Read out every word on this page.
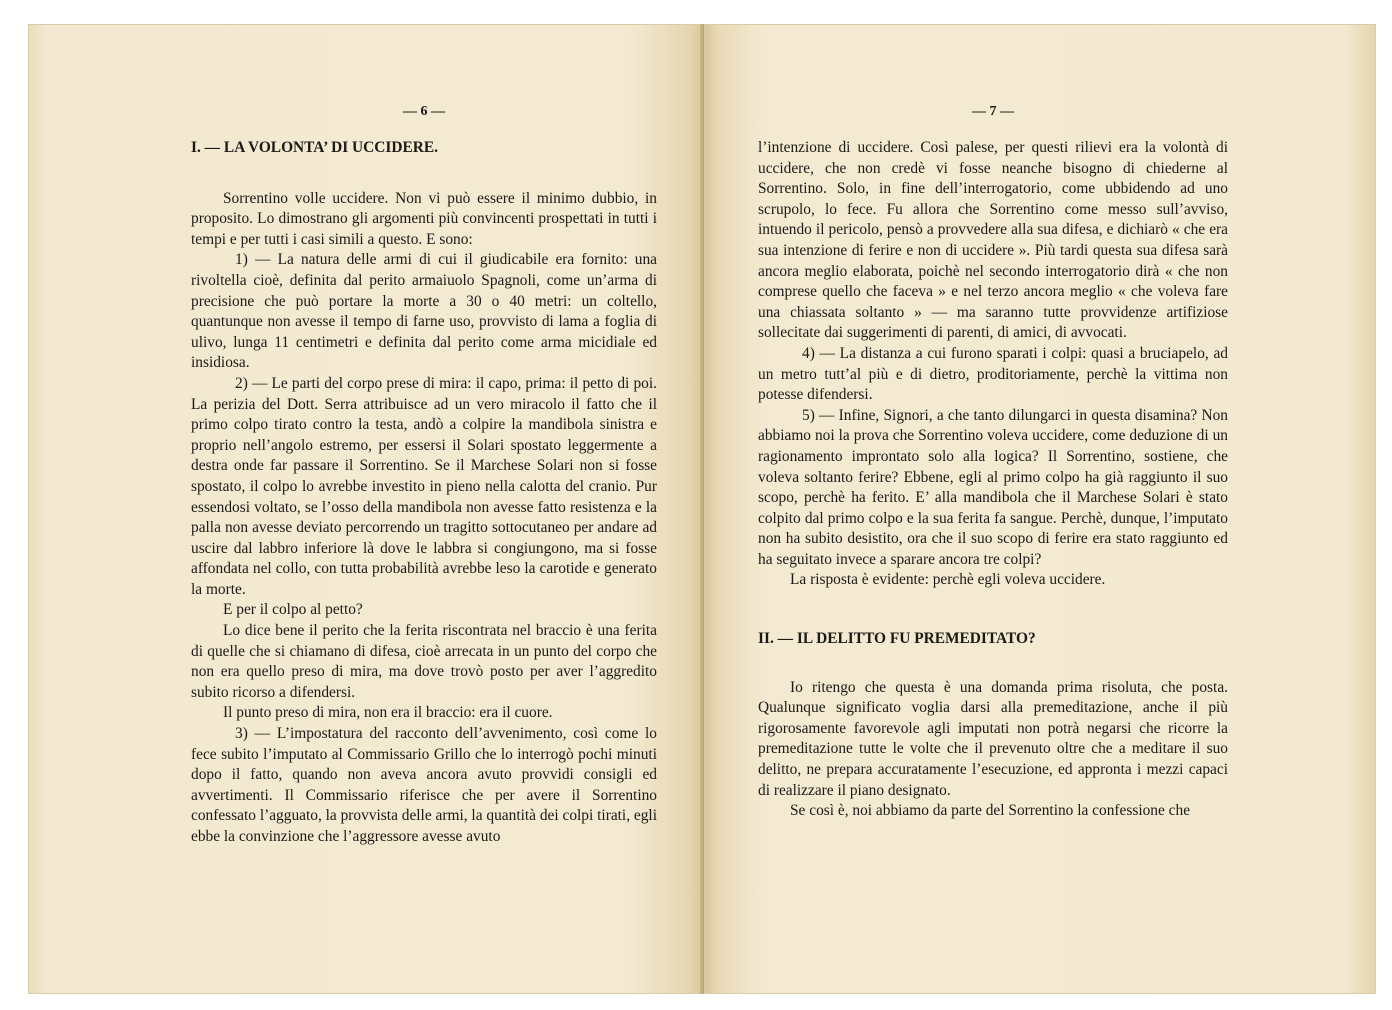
— 6 —
I. — LA VOLONTA’ DI UCCIDERE.

Sorrentino volle uccidere. Non vi può essere il minimo dubbio, in proposito. Lo dimostrano gli argomenti più convincenti prospettati in tutti i tempi e per tutti i casi simili a questo. E sono:

1) — La natura delle armi di cui il giudicabile era fornito: una rivoltella cioè, definita dal perito armaiuolo Spagnoli, come un’arma di precisione che può portare la morte a 30 o 40 metri: un coltello, quantunque non avesse il tempo di farne uso, provvisto di lama a foglia di ulivo, lunga 11 centimetri e definita dal perito come arma micidiale ed insidiosa.

2) — Le parti del corpo prese di mira: il capo, prima: il petto di poi. La perizia del Dott. Serra attribuisce ad un vero miracolo il fatto che il primo colpo tirato contro la testa, andò a colpire la mandibola sinistra e proprio nell’angolo estremo, per essersi il Solari spostato leggermente a destra onde far passare il Sorrentino. Se il Marchese Solari non si fosse spostato, il colpo lo avrebbe investito in pieno nella calotta del cranio. Pur essendosi voltato, se l’osso della mandibola non avesse fatto resistenza e la palla non avesse deviato percorrendo un tragitto sottocutaneo per andare ad uscire dal labbro inferiore là dove le labbra si congiungono, ma si fosse affondata nel collo, con tutta probabilità avrebbe leso la carotide e generato la morte.

E per il colpo al petto?

Lo dice bene il perito che la ferita riscontrata nel braccio è una ferita di quelle che si chiamano di difesa, cioè arrecata in un punto del corpo che non era quello preso di mira, ma dove trovò posto per aver l’aggredito subito ricorso a difendersi.

Il punto preso di mira, non era il braccio: era il cuore.

3) — L’impostatura del racconto dell’avvenimento, così come lo fece subito l’imputato al Commissario Grillo che lo interrogò pochi minuti dopo il fatto, quando non aveva ancora avuto provvidi consigli ed avvertimenti. Il Commissario riferisce che per avere il Sorrentino confessato l’agguato, la provvista delle armi, la quantità dei colpi tirati, egli ebbe la convinzione che l’aggressore avesse avuto

— 7 —

l’intenzione di uccidere. Così palese, per questi rilievi era la volontà di uccidere, che non credè vi fosse neanche bisogno di chiederne al Sorrentino. Solo, in fine dell’interrogatorio, come ubbidendo ad uno scrupolo, lo fece. Fu allora che Sorrentino come messo sull’avviso, intuendo il pericolo, pensò a provvedere alla sua difesa, e dichiarò « che era sua intenzione di ferire e non di uccidere ». Più tardi questa sua difesa sarà ancora meglio elaborata, poichè nel secondo interrogatorio dirà « che non comprese quello che faceva » e nel terzo ancora meglio « che voleva fare una chiassata soltanto » — ma saranno tutte provvidenze artifiziose sollecitate dai suggerimenti di parenti, di amici, di avvocati.

4) — La distanza a cui furono sparati i colpi: quasi a bruciapelo, ad un metro tutt’al più e di dietro, proditoriamente, perchè la vittima non potesse difendersi.

5) — Infine, Signori, a che tanto dilungarci in questa disamina? Non abbiamo noi la prova che Sorrentino voleva uccidere, come deduzione di un ragionamento improntato solo alla logica? Il Sorrentino, sostiene, che voleva soltanto ferire? Ebbene, egli al primo colpo ha già raggiunto il suo scopo, perchè ha ferito. E’ alla mandibola che il Marchese Solari è stato colpito dal primo colpo e la sua ferita fa sangue. Perchè, dunque, l’imputato non ha subito desistito, ora che il suo scopo di ferire era stato raggiunto ed ha seguitato invece a sparare ancora tre colpi?

La risposta è evidente: perchè egli voleva uccidere.

II. — IL DELITTO FU PREMEDITATO?

Io ritengo che questa è una domanda prima risoluta, che posta. Qualunque significato voglia darsi alla premeditazione, anche il più rigorosamente favorevole agli imputati non potrà negarsi che ricorre la premeditazione tutte le volte che il prevenuto oltre che a meditare il suo delitto, ne prepara accuratamente l’esecuzione, ed appronta i mezzi capaci di realizzare il piano designato.

Se così è, noi abbiamo da parte del Sorrentino la confessione che
